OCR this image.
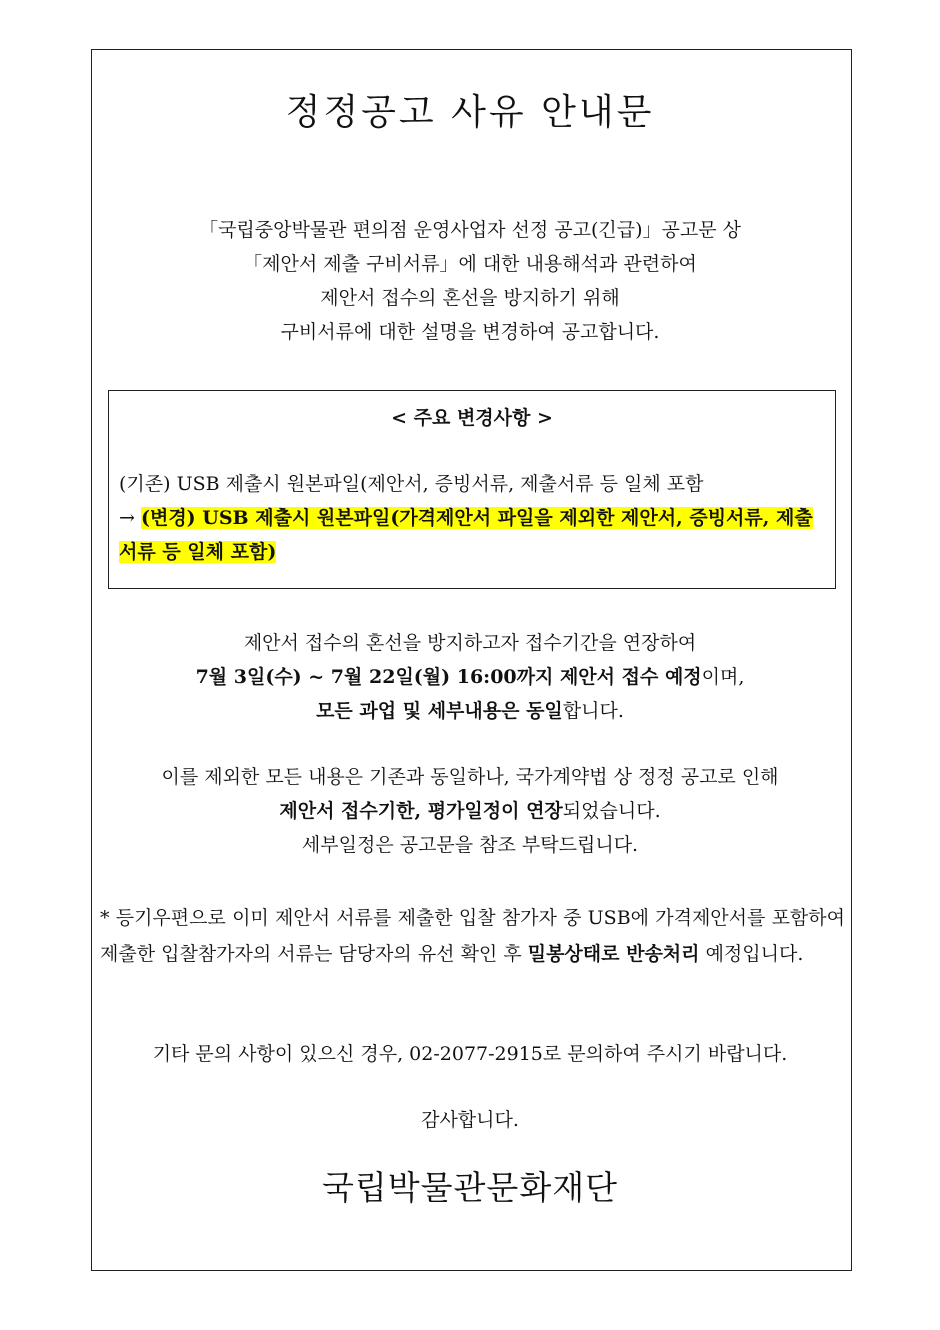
정정공고 사유 안내문
「국립중앙박물관 편의점 운영사업자 선정 공고(긴급)」공고문 상
「제안서 제출 구비서류」에 대한 내용해석과 관련하여
제안서 접수의 혼선을 방지하기 위해
구비서류에 대한 설명을 변경하여 공고합니다.
< 주요 변경사항 >
(기존) USB 제출시 원본파일(제안서, 증빙서류, 제출서류 등 일체 포함
→ (변경) USB 제출시 원본파일(가격제안서 파일을 제외한 제안서, 증빙서류, 제출서류 등 일체 포함)
제안서 접수의 혼선을 방지하고자 접수기간을 연장하여
7월 3일(수) ~ 7월 22일(월) 16:00까지 제안서 접수 예정이며,
모든 과업 및 세부내용은 동일합니다.
이를 제외한 모든 내용은 기존과 동일하나, 국가계약법 상 정정 공고로 인해
제안서 접수기한, 평가일정이 연장되었습니다.
세부일정은 공고문을 참조 부탁드립니다.
* 등기우편으로 이미 제안서 서류를 제출한 입찰 참가자 중 USB에 가격제안서를 포함하여 제출한 입찰참가자의 서류는 담당자의 유선 확인 후 밀봉상태로 반송처리 예정입니다.
기타 문의 사항이 있으신 경우, 02-2077-2915로 문의하여 주시기 바랍니다.
감사합니다.
국립박물관문화재단
